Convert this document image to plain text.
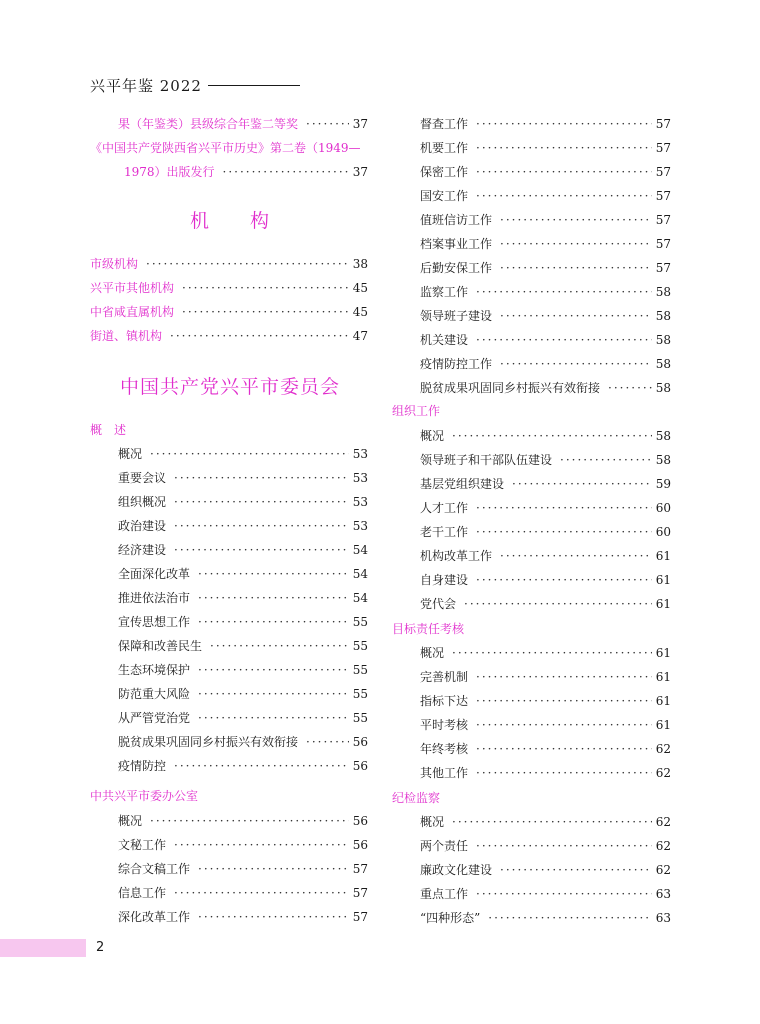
兴平年鉴 2022
果（年鉴类）县级综合年鉴二等奖 ·····	37
《中国共产党陕西省兴平市历史》第二卷（1949—
1978）出版发行 ·····	37
机　　构
市级机构 ·····	38
兴平市其他机构 ·····	45
中省咸直属机构 ·····	45
街道、镇机构 ·····	47
中国共产党兴平市委员会
概　述
概况 ·····	53
重要会议 ·····	53
组织概况 ·····	53
政治建设 ·····	53
经济建设 ·····	54
全面深化改革 ·····	54
推进依法治市 ·····	54
宣传思想工作 ·····	55
保障和改善民生 ·····	55
生态环境保护 ·····	55
防范重大风险 ·····	55
从严管党治党 ·····	55
脱贫成果巩固同乡村振兴有效衔接 ·····	56
疫情防控 ·····	56
中共兴平市委办公室
概况 ·····	56
文秘工作 ·····	56
综合文稿工作 ·····	57
信息工作 ·····	57
深化改革工作 ·····	57
督查工作 ·····	57
机要工作 ·····	57
保密工作 ·····	57
国安工作 ·····	57
值班信访工作 ·····	57
档案事业工作 ·····	57
后勤安保工作 ·····	57
监察工作 ·····	58
领导班子建设 ·····	58
机关建设 ·····	58
疫情防控工作 ·····	58
脱贫成果巩固同乡村振兴有效衔接 ·····	58
组织工作
概况 ·····	58
领导班子和干部队伍建设 ·····	58
基层党组织建设 ·····	59
人才工作 ·····	60
老干工作 ·····	60
机构改革工作 ·····	61
自身建设 ·····	61
党代会 ·····	61
目标责任考核
概况 ·····	61
完善机制 ·····	61
指标下达 ·····	61
平时考核 ·····	61
年终考核 ·····	62
其他工作 ·····	62
纪检监察
概况 ·····	62
两个责任 ·····	62
廉政文化建设 ·····	62
重点工作 ·····	63
“四种形态” ·····	63
2
